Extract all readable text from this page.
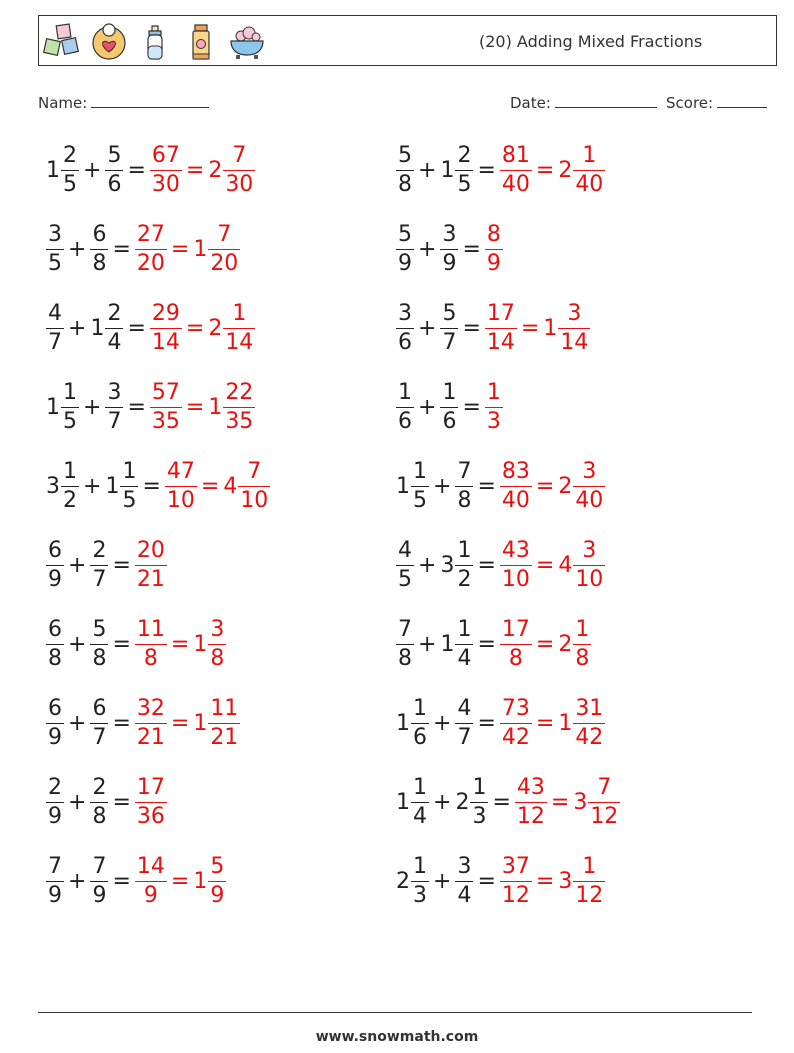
(20) Adding Mixed Fractions
Name:	Date:	Score:
$1 \frac{2}{5} + \frac{5}{6} = \frac{67}{30} = 2 \frac{7}{30}$
$\frac{3}{5} + \frac{6}{8} = \frac{27}{20} = 1 \frac{7}{20}$
$\frac{4}{7} + 1 \frac{2}{4} = \frac{29}{14} = 2 \frac{1}{14}$
$1 \frac{1}{5} + \frac{3}{7} = \frac{57}{35} = 1 \frac{22}{35}$
$3 \frac{1}{2} + 1 \frac{1}{5} = \frac{47}{10} = 4 \frac{7}{10}$
$\frac{6}{9} + \frac{2}{7} = \frac{20}{21}$
$\frac{6}{8} + \frac{5}{8} = \frac{11}{8} = 1 \frac{3}{8}$
$\frac{6}{9} + \frac{6}{7} = \frac{32}{21} = 1 \frac{11}{21}$
$\frac{2}{9} + \frac{2}{8} = \frac{17}{36}$
$\frac{7}{9} + \frac{7}{9} = \frac{14}{9} = 1 \frac{5}{9}$
$\frac{5}{8} + 1 \frac{2}{5} = \frac{81}{40} = 2 \frac{1}{40}$
$\frac{5}{9} + \frac{3}{9} = \frac{8}{9}$
$\frac{3}{6} + \frac{5}{7} = \frac{17}{14} = 1 \frac{3}{14}$
$\frac{1}{6} + \frac{1}{6} = \frac{1}{3}$
$1 \frac{1}{5} + \frac{7}{8} = \frac{83}{40} = 2 \frac{3}{40}$
$\frac{4}{5} + 3 \frac{1}{2} = \frac{43}{10} = 4 \frac{3}{10}$
$\frac{7}{8} + 1 \frac{1}{4} = \frac{17}{8} = 2 \frac{1}{8}$
$1 \frac{1}{6} + \frac{4}{7} = \frac{73}{42} = 1 \frac{31}{42}$
$1 \frac{1}{4} + 2 \frac{1}{3} = \frac{43}{12} = 3 \frac{7}{12}$
$2 \frac{1}{3} + \frac{3}{4} = \frac{37}{12} = 3 \frac{1}{12}$
www.snowmath.com
